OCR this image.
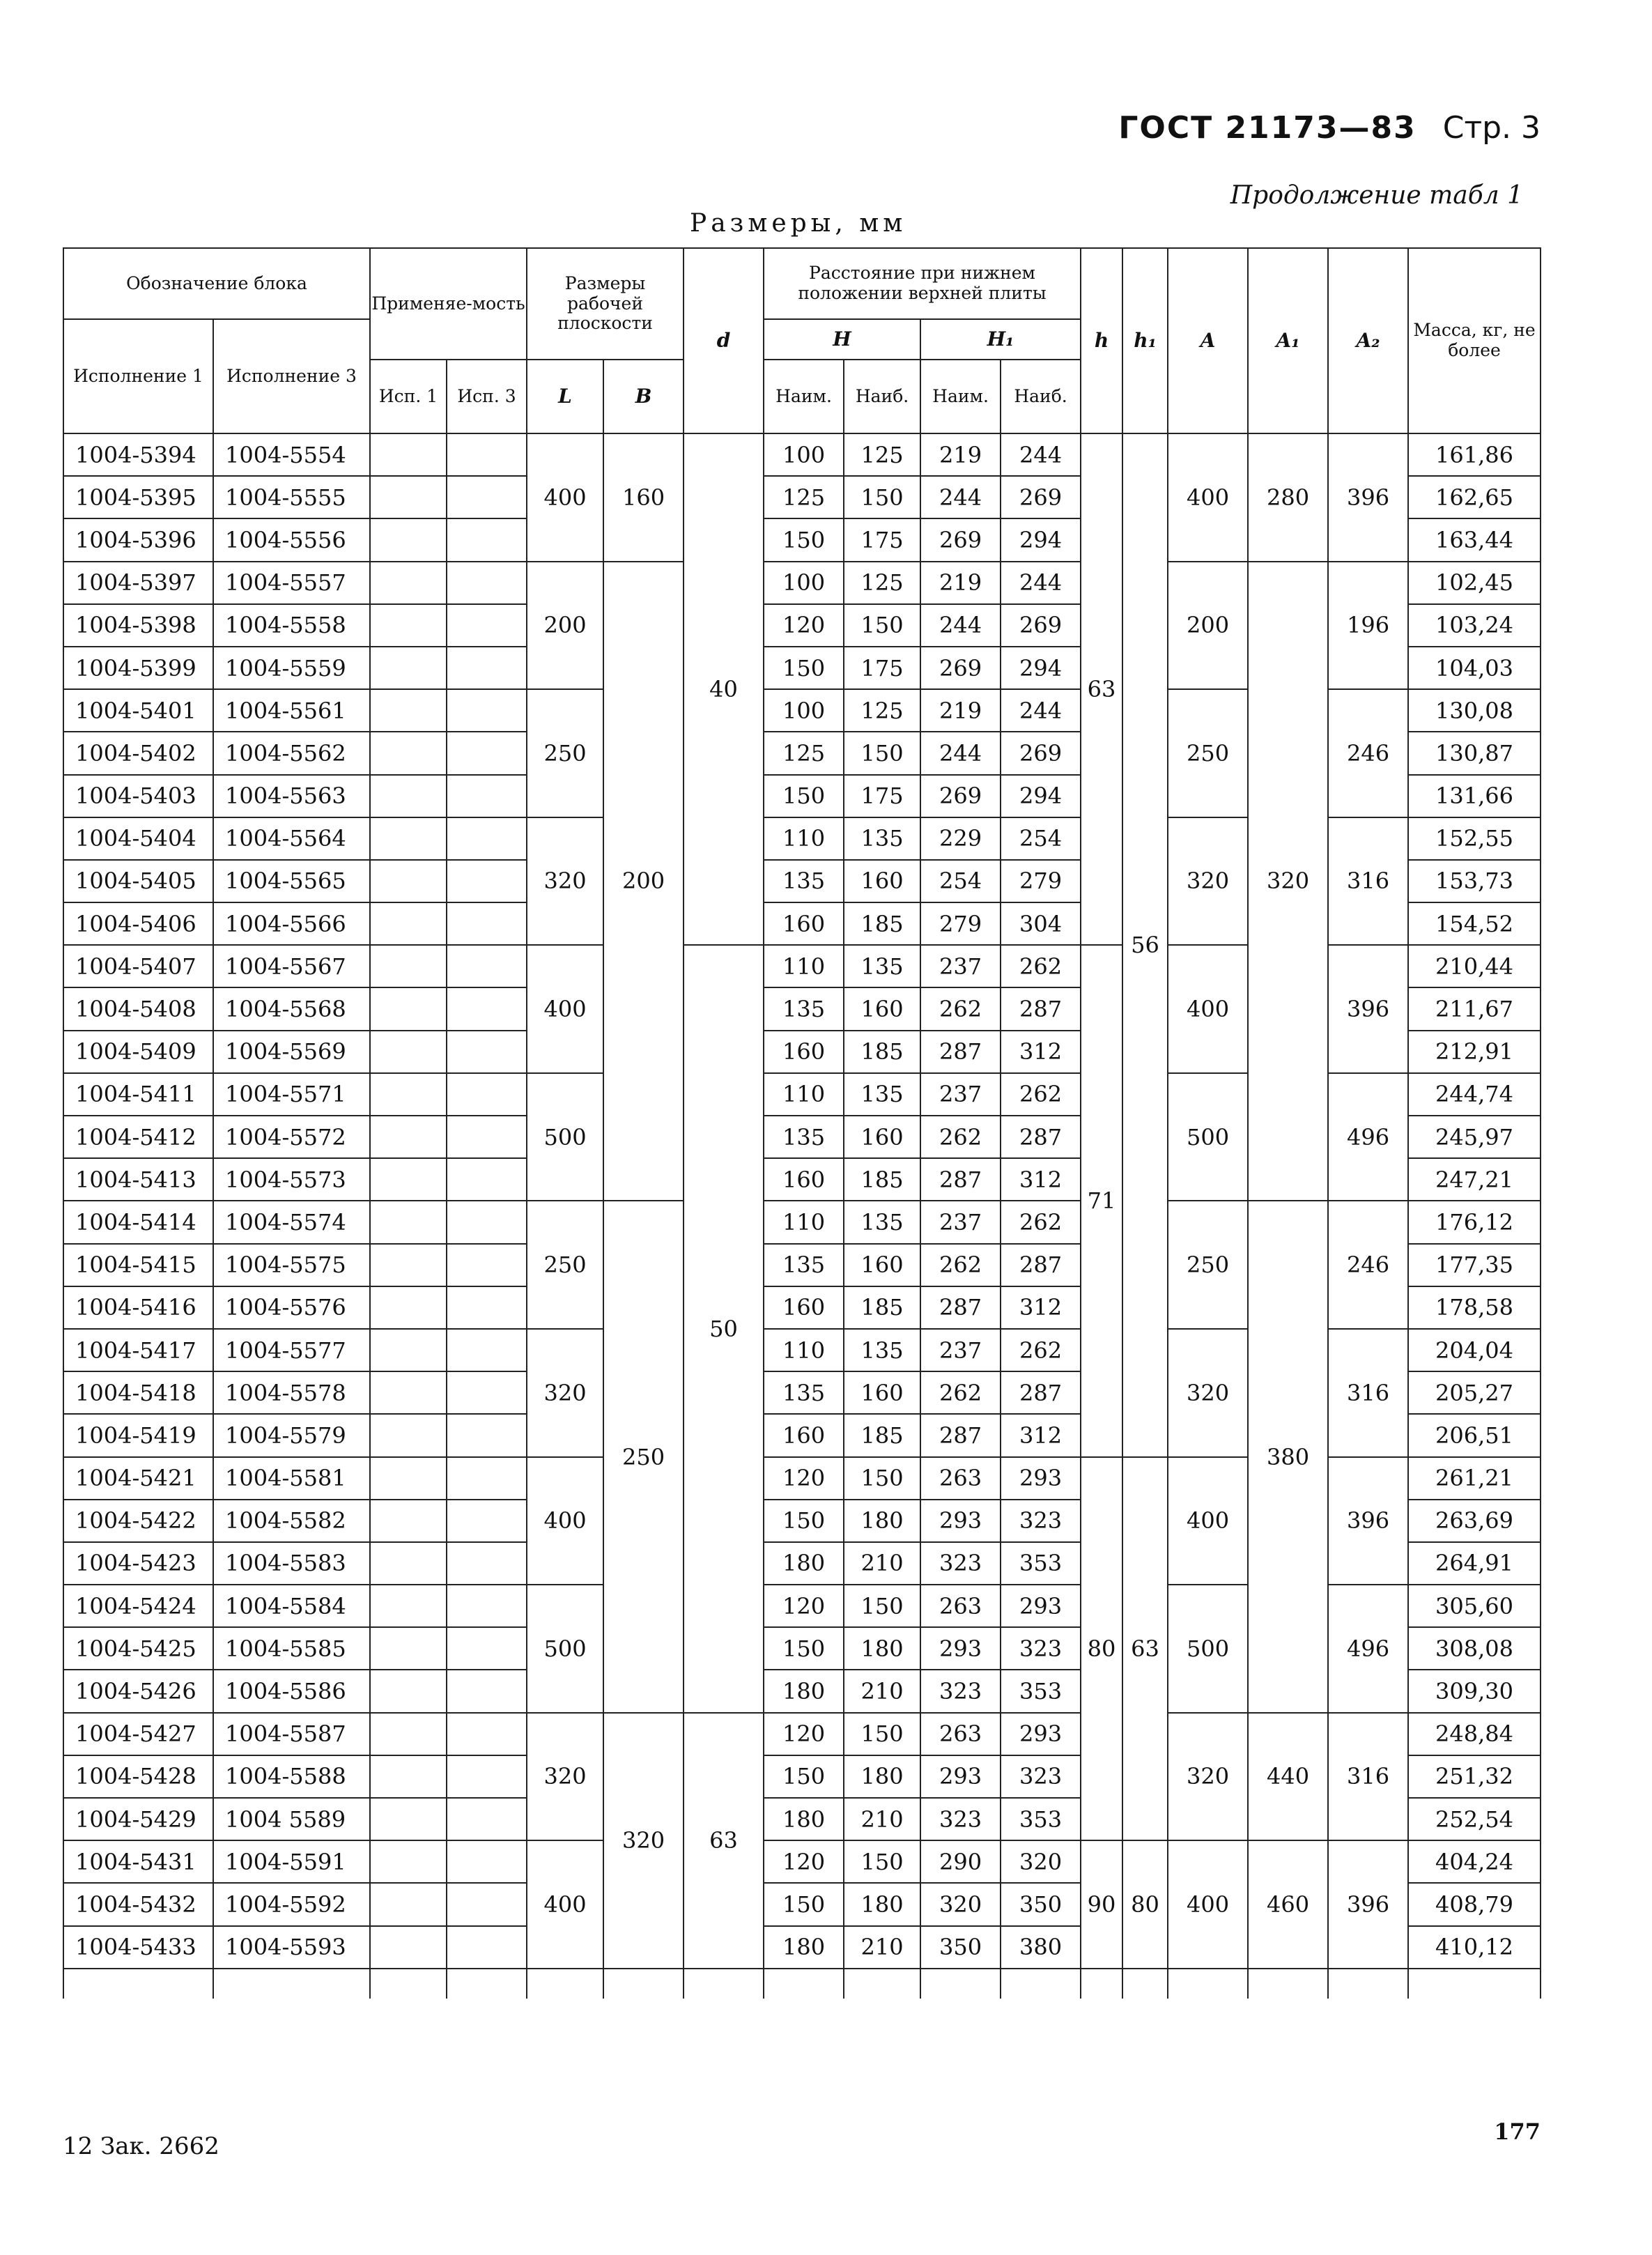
ГОСТ 21173—83 Стр. 3
Продолжение табл 1
Размеры, мм
Обозначение блока		Применяе-мость		Размеры рабочей плоскости		d	Расстояние при нижнем положении верхней плиты				h	h₁	A	A₁	A₂	Масса, кг, не более
Исполнение 1	Исполнение 3						H		H₁							
		Исп. 1	Исп. 3	L	B		Наим.	Наиб.	Наим.	Наиб.						
1004-5394	1004-5554			400	160	40	100	125	219	244	63	56	400	280	396	161,86
1004-5395	1004-5555						125	150	244	269						162,65
1004-5396	1004-5556						150	175	269	294						163,44
1004-5397	1004-5557			200	200		100	125	219	244			200	320	196	102,45
1004-5398	1004-5558						120	150	244	269						103,24
1004-5399	1004-5559						150	175	269	294						104,03
1004-5401	1004-5561			250			100	125	219	244			250		246	130,08
1004-5402	1004-5562						125	150	244	269						130,87
1004-5403	1004-5563						150	175	269	294						131,66
1004-5404	1004-5564			320			110	135	229	254			320		316	152,55
1004-5405	1004-5565						135	160	254	279						153,73
1004-5406	1004-5566						160	185	279	304						154,52
1004-5407	1004-5567			400		50	110	135	237	262	71		400		396	210,44
1004-5408	1004-5568						135	160	262	287						211,67
1004-5409	1004-5569						160	185	287	312						212,91
1004-5411	1004-5571			500			110	135	237	262			500		496	244,74
1004-5412	1004-5572						135	160	262	287						245,97
1004-5413	1004-5573						160	185	287	312						247,21
1004-5414	1004-5574			250	250		110	135	237	262			250	380	246	176,12
1004-5415	1004-5575						135	160	262	287						177,35
1004-5416	1004-5576						160	185	287	312						178,58
1004-5417	1004-5577			320			110	135	237	262			320		316	204,04
1004-5418	1004-5578						135	160	262	287						205,27
1004-5419	1004-5579						160	185	287	312						206,51
1004-5421	1004-5581			400			120	150	263	293	80	63	400		396	261,21
1004-5422	1004-5582						150	180	293	323						263,69
1004-5423	1004-5583						180	210	323	353						264,91
1004-5424	1004-5584			500			120	150	263	293			500		496	305,60
1004-5425	1004-5585						150	180	293	323						308,08
1004-5426	1004-5586						180	210	323	353						309,30
1004-5427	1004-5587			320	320	63	120	150	263	293			320	440	316	248,84
1004-5428	1004-5588						150	180	293	323						251,32
1004-5429	1004 5589						180	210	323	353						252,54
1004-5431	1004-5591			400			120	150	290	320	90	80	400	460	396	404,24
1004-5432	1004-5592						150	180	320	350						408,79
1004-5433	1004-5593						180	210	350	380						410,12

12 Зак. 2662
177
